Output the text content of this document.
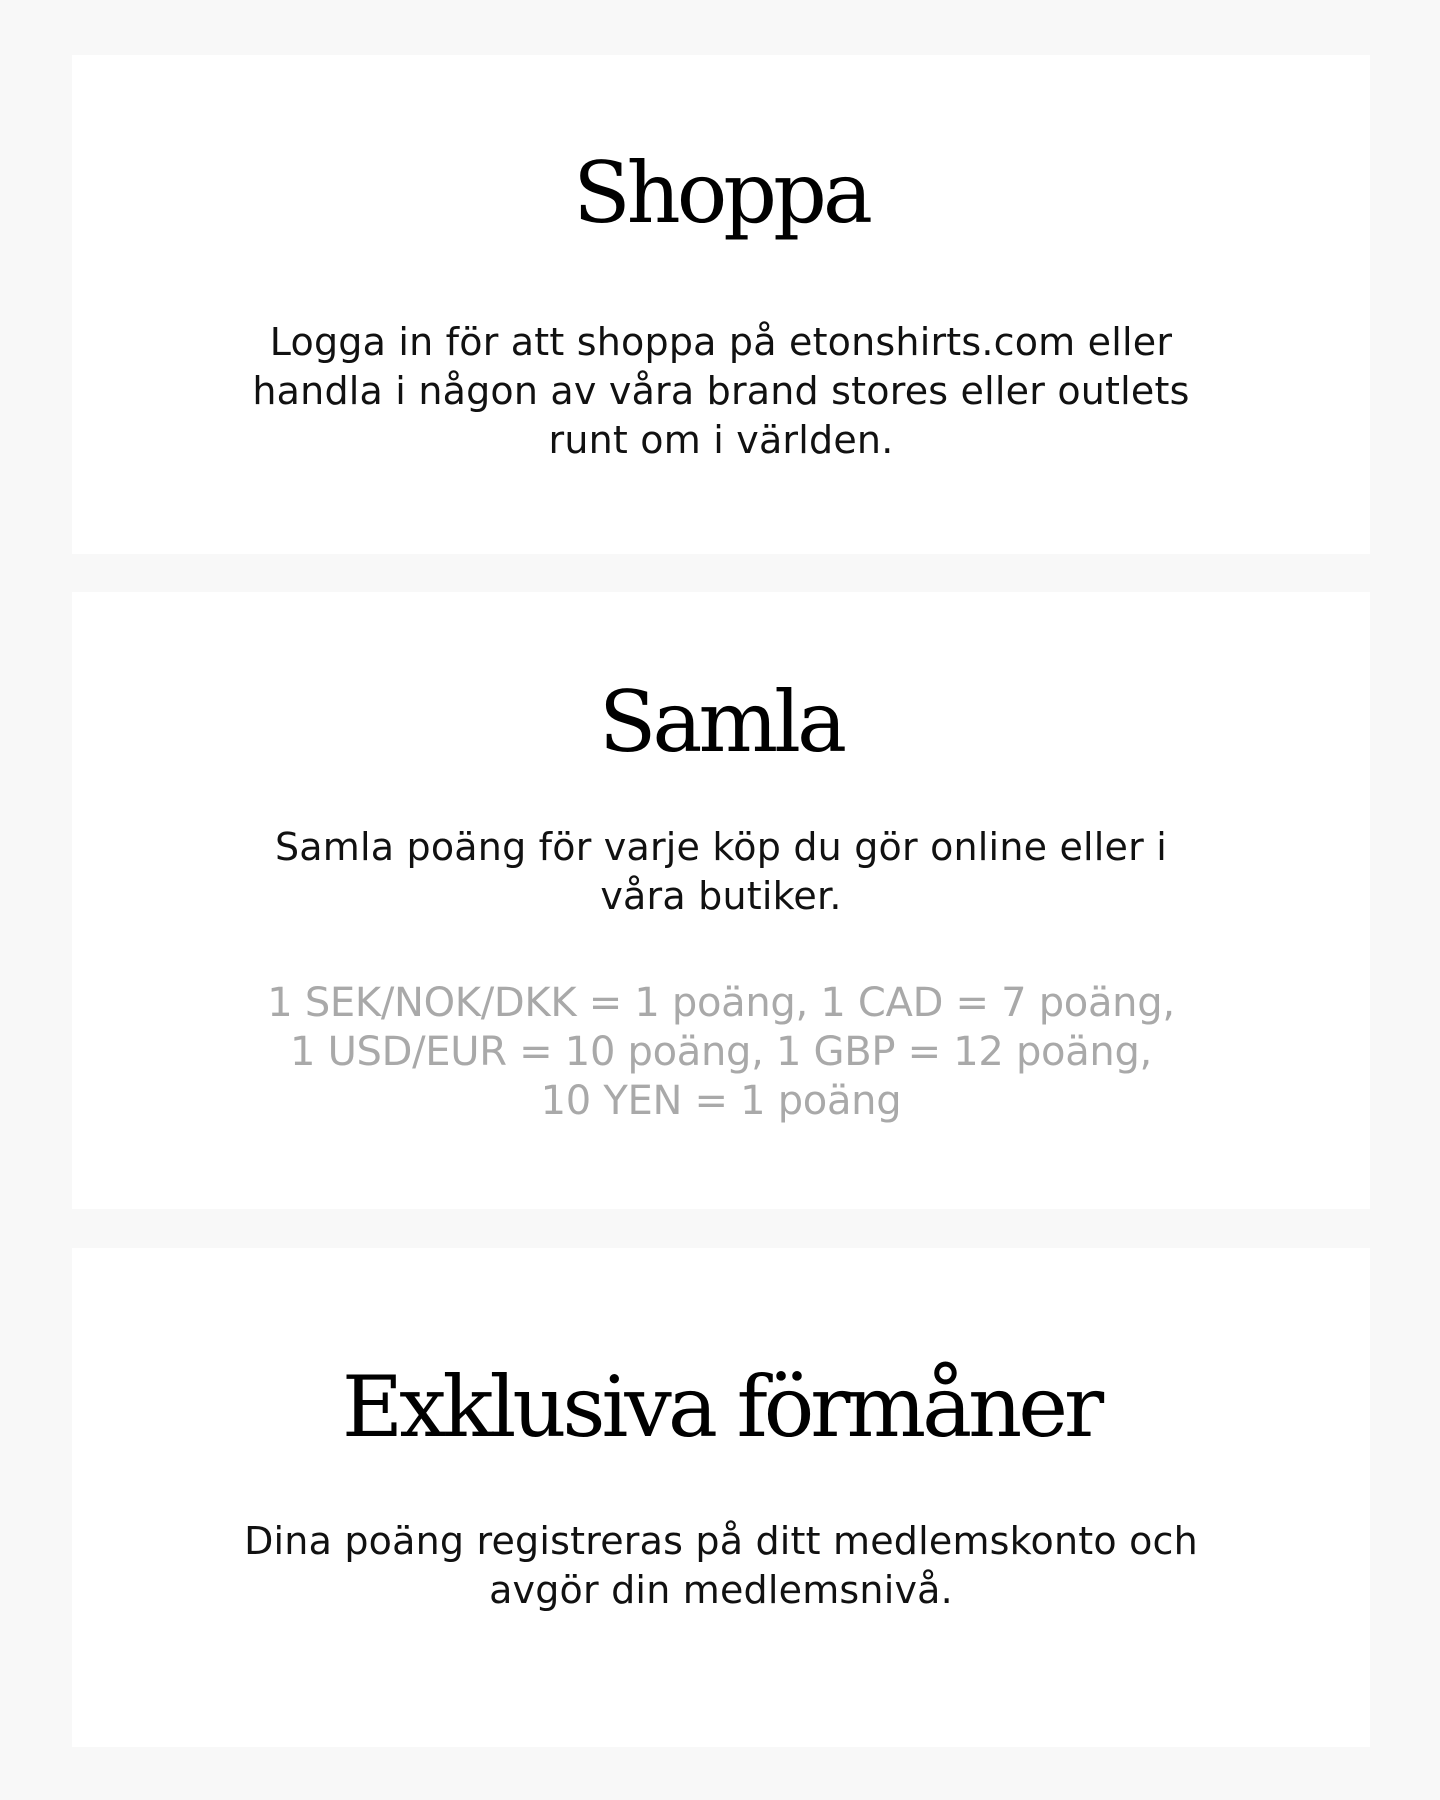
Shoppa

Logga in för att shoppa på etonshirts.com eller handla i någon av våra brand stores eller outlets runt om i världen.

Samla

Samla poäng för varje köp du gör online eller i våra butiker.

1 SEK/NOK/DKK = 1 poäng, 1 CAD = 7 poäng,
1 USD/EUR = 10 poäng, 1 GBP = 12 poäng,
10 YEN = 1 poäng
Exklusiva förmåner

Dina poäng registreras på ditt medlemskonto och avgör din medlemsnivå.
